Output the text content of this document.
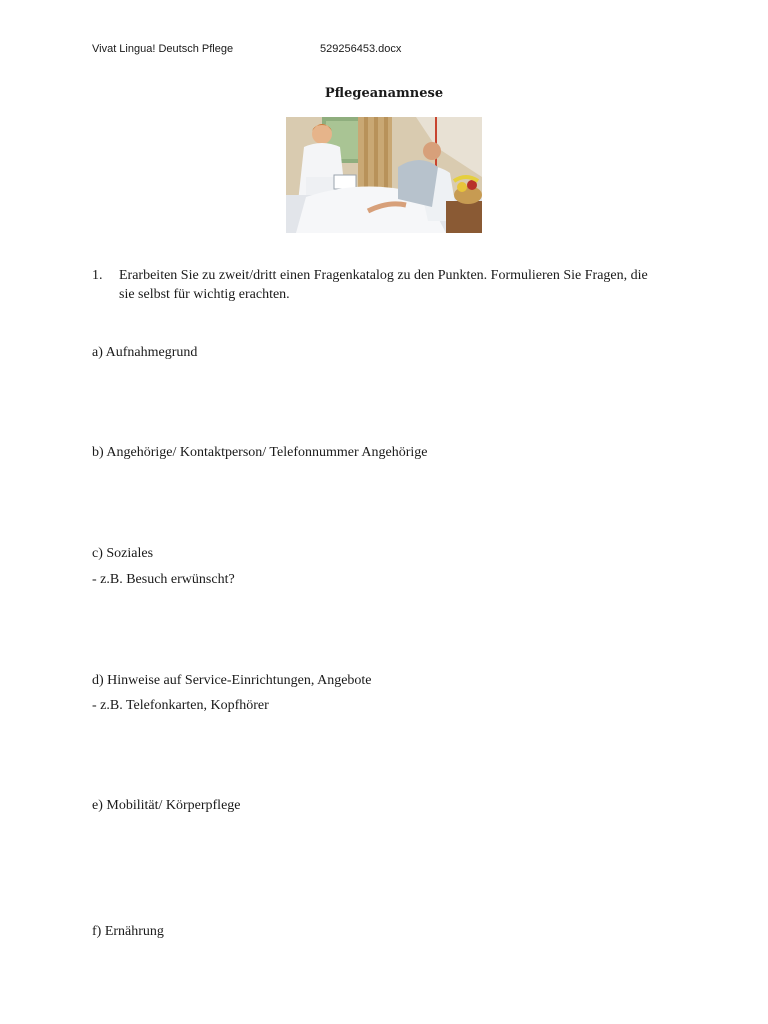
Vivat Lingua! Deutsch Pflege	529256453.docx
Pflegeanamnese
1. Erarbeiten Sie zu zweit/dritt einen Fragenkatalog zu den Punkten. Formulieren Sie Fragen, die sie selbst für wichtig erachten.
a) Aufnahmegrund
b) Angehörige/ Kontaktperson/ Telefonnummer Angehörige
c) Soziales
- z.B. Besuch erwünscht?
d) Hinweise auf Service-Einrichtungen, Angebote
- z.B. Telefonkarten, Kopfhörer
e) Mobilität/ Körperpflege
f) Ernährung
